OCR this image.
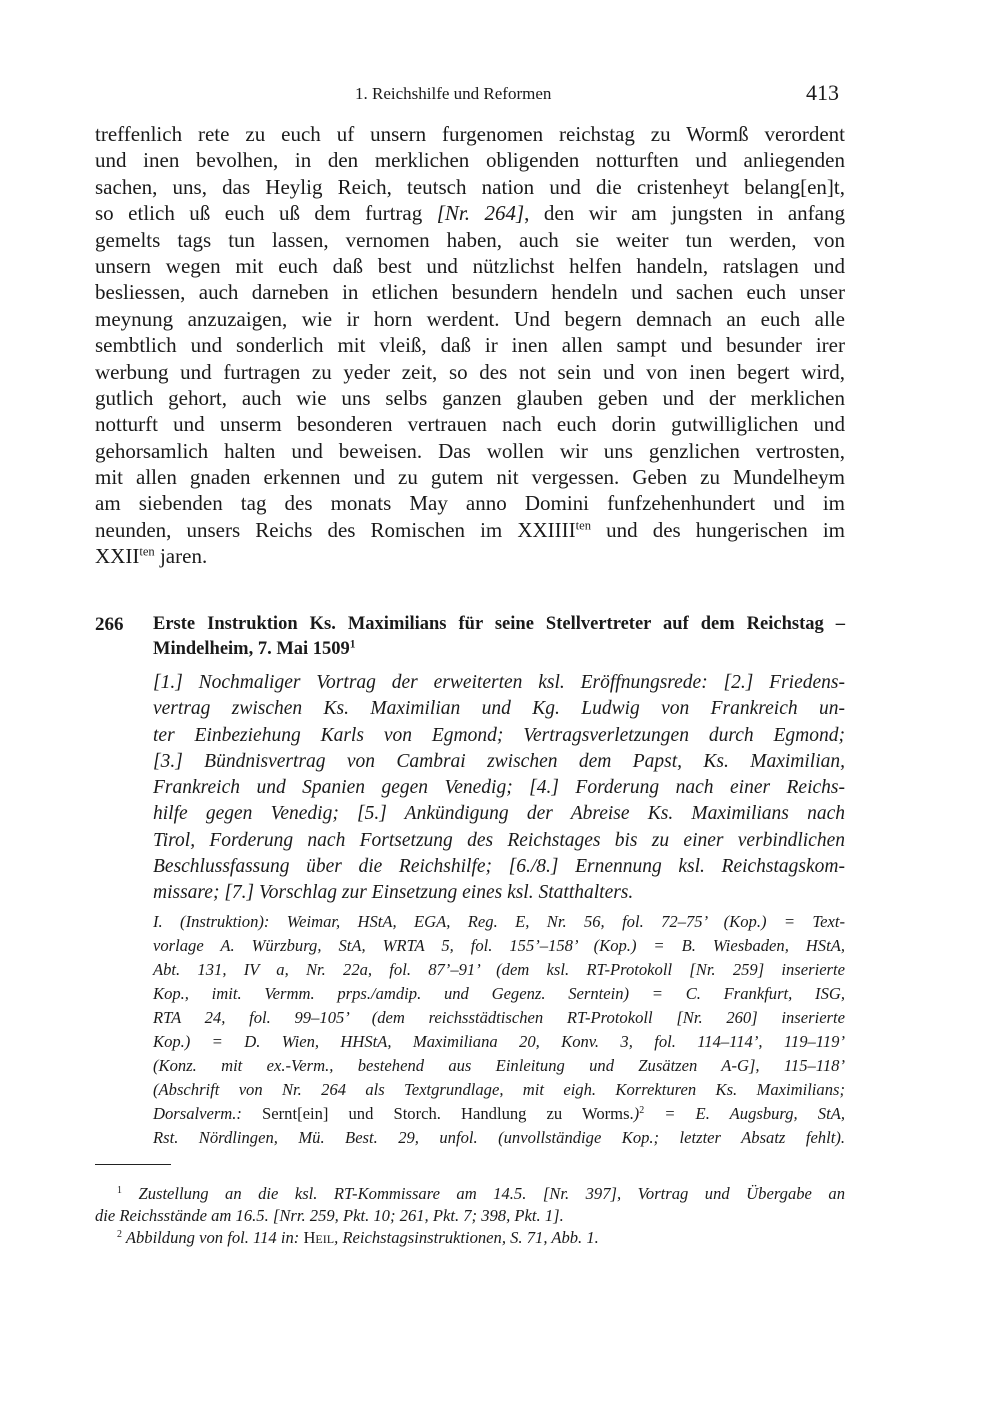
1. Reichshilfe und Reformen	413
treffenlich rete zu euch uf unsern furgenomen reichstag zu Wormß verordent
und inen bevolhen, in den merklichen obligenden notturften und anliegenden
sachen, uns, das Heylig Reich, teutsch nation und die cristenheyt belang[en]t,
so etlich uß euch uß dem furtrag [Nr. 264], den wir am jungsten in anfang
gemelts tags tun lassen, vernomen haben, auch sie weiter tun werden, von
unsern wegen mit euch daß best und nützlichst helfen handeln, ratslagen und
besliessen, auch darneben in etlichen besundern hendeln und sachen euch unser
meynung anzuzaigen, wie ir horn werdent. Und begern demnach an euch alle
sembtlich und sonderlich mit vleiß, daß ir inen allen sampt und besunder irer
werbung und furtragen zu yeder zeit, so des not sein und von inen begert wird,
gutlich gehort, auch wie uns selbs ganzen glauben geben und der merklichen
notturft und unserm besonderen vertrauen nach euch dorin gutwilliglichen und
gehorsamlich halten und beweisen. Das wollen wir uns genzlichen vertrosten,
mit allen gnaden erkennen und zu gutem nit vergessen. Geben zu Mundelheym
am siebenden tag des monats May anno Domini funfzehenhundert und im
neunden, unsers Reichs des Romischen im $XXIIII^{ten}$ und des hungerischen im
$XXII^{ten}$ jaren.
266 Erste Instruktion Ks. Maximilians für seine Stellvertreter auf dem Reichstag –
Mindelheim, 7. Mai 1509$^1$
[1.] Nochmaliger Vortrag der erweiterten ksl. Eröffnungsrede: [2.] Friedens-
vertrag zwischen Ks. Maximilian und Kg. Ludwig von Frankreich un-
ter Einbeziehung Karls von Egmond; Vertragsverletzungen durch Egmond;
[3.] Bündnisvertrag von Cambrai zwischen dem Papst, Ks. Maximilian,
Frankreich und Spanien gegen Venedig; [4.] Forderung nach einer Reichs-
hilfe gegen Venedig; [5.] Ankündigung der Abreise Ks. Maximilians nach
Tirol, Forderung nach Fortsetzung des Reichstages bis zu einer verbindlichen
Beschlussfassung über die Reichshilfe; [6./8.] Ernennung ksl. Reichstagskom-
missare; [7.] Vorschlag zur Einsetzung eines ksl. Statthalters.
I. (Instruktion): Weimar, HStA, EGA, Reg. E, Nr. 56, fol. 72–75’ (Kop.) = Text-
vorlage A. Würzburg, StA, WRTA 5, fol. 155’–158’ (Kop.) = B. Wiesbaden, HStA,
Abt. 131, IV a, Nr. 22a, fol. 87’–91’ (dem ksl. RT-Protokoll [Nr. 259] inserierte
Kop., imit. Vermm. prps./amdip. und Gegenz. Serntein) = C. Frankfurt, ISG,
RTA 24, fol. 99–105’ (dem reichsstädtischen RT-Protokoll [Nr. 260] inserierte
Kop.) = D. Wien, HHStA, Maximiliana 20, Konv. 3, fol. 114–114’, 119–119’
(Konz. mit ex.-Verm., bestehend aus Einleitung und Zusätzen A-G], 115–118’
(Abschrift von Nr. 264 als Textgrundlage, mit eigh. Korrekturen Ks. Maximilians;
Dorsalverm.: Sernt[ein] und Storch. Handlung zu Worms.)$^2$ = E. Augsburg, StA,
Rst. Nördlingen, Mü. Best. 29, unfol. (unvollständige Kop.; letzter Absatz fehlt).
$^1$ Zustellung an die ksl. RT-Kommissare am 14.5. [Nr. 397], Vortrag und Übergabe an
die Reichsstände am 16.5. [Nrr. 259, Pkt. 10; 261, Pkt. 7; 398, Pkt. 1].
$^2$ Abbildung von fol. 114 in: Heil, Reichstagsinstruktionen, S. 71, Abb. 1.
